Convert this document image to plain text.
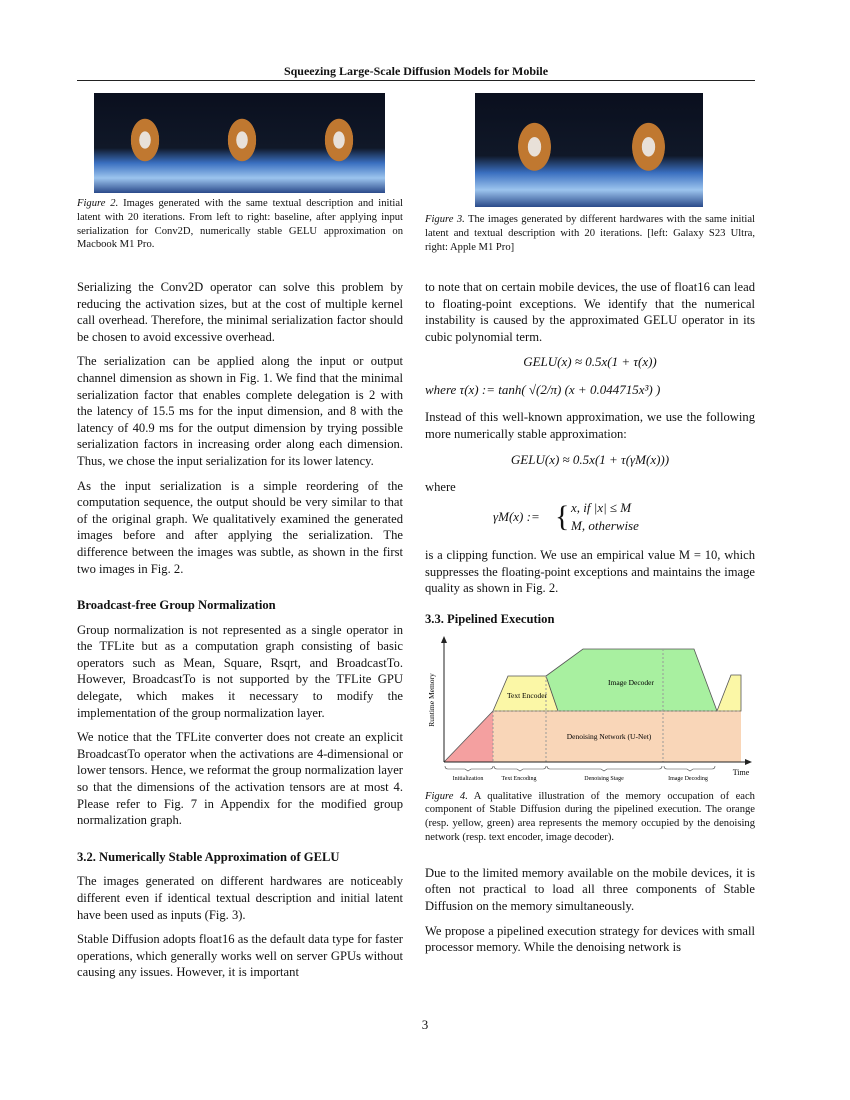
Squeezing Large-Scale Diffusion Models for Mobile
Figure 2. Images generated with the same textual description and initial latent with 20 iterations. From left to right: baseline, after applying input serialization for Conv2D, numerically stable GELU approximation on Macbook M1 Pro.
Figure 3. The images generated by different hardwares with the same initial latent and textual description with 20 iterations. [left: Galaxy S23 Ultra, right: Apple M1 Pro]
Serializing the Conv2D operator can solve this problem by reducing the activation sizes, but at the cost of multiple kernel call overhead. Therefore, the minimal serialization factor should be chosen to avoid excessive overhead.
The serialization can be applied along the input or output channel dimension as shown in Fig. 1. We find that the minimal serialization factor that enables complete delegation is 2 with the latency of 15.5 ms for the input dimension, and 8 with the latency of 40.9 ms for the output dimension by trying possible serialization factors in increasing order along each dimension. Thus, we chose the input serialization for its lower latency.
As the input serialization is a simple reordering of the computation sequence, the output should be very similar to that of the original graph. We qualitatively examined the generated images before and after applying the serialization. The difference between the images was subtle, as shown in the first two images in Fig. 2.
Broadcast-free Group Normalization
Group normalization is not represented as a single operator in the TFLite but as a computation graph consisting of basic operators such as Mean, Square, Rsqrt, and BroadcastTo. However, BroadcastTo is not supported by the TFLite GPU delegate, which makes it necessary to modify the implementation of the group normalization layer.
We notice that the TFLite converter does not create an explicit BroadcastTo operator when the activations are 4-dimensional or lower tensors. Hence, we reformat the group normalization layer so that the dimensions of the activation tensors are at most 4. Please refer to Fig. 7 in Appendix for the modified group normalization graph.
3.2. Numerically Stable Approximation of GELU
The images generated on different hardwares are noticeably different even if identical textual description and initial latent have been used as inputs (Fig. 3).
Stable Diffusion adopts float16 as the default data type for faster operations, which generally works well on server GPUs without causing any issues. However, it is important
to note that on certain mobile devices, the use of float16 can lead to floating-point exceptions. We identify that the numerical instability is caused by the approximated GELU operator in its cubic polynomial term.
GELU(x) ≈ 0.5x(1 + τ(x))
where τ(x) := tanh( √(2/π) (x + 0.044715x³) )
Instead of this well-known approximation, we use the following more numerically stable approximation:
GELU(x) ≈ 0.5x(1 + τ(γM(x)))
where
γM(x) := { x, if |x| ≤ M
M, otherwise
is a clipping function. We use an empirical value M = 10, which suppresses the floating-point exceptions and maintains the image quality as shown in Fig. 2.
3.3. Pipelined Execution
Text Encoder
Image Decoder
Denoising Network (U-Net)
Runtime Memory
Time
Initialization	Text Encoding	Denoising Stage	Image Decoding
Figure 4. A qualitative illustration of the memory occupation of each component of Stable Diffusion during the pipelined execution. The orange (resp. yellow, green) area represents the memory occupied by the denoising network (resp. text encoder, image decoder).
Due to the limited memory available on the mobile devices, it is often not practical to load all three components of Stable Diffusion on the memory simultaneously.
We propose a pipelined execution strategy for devices with small processor memory. While the denoising network is
3
